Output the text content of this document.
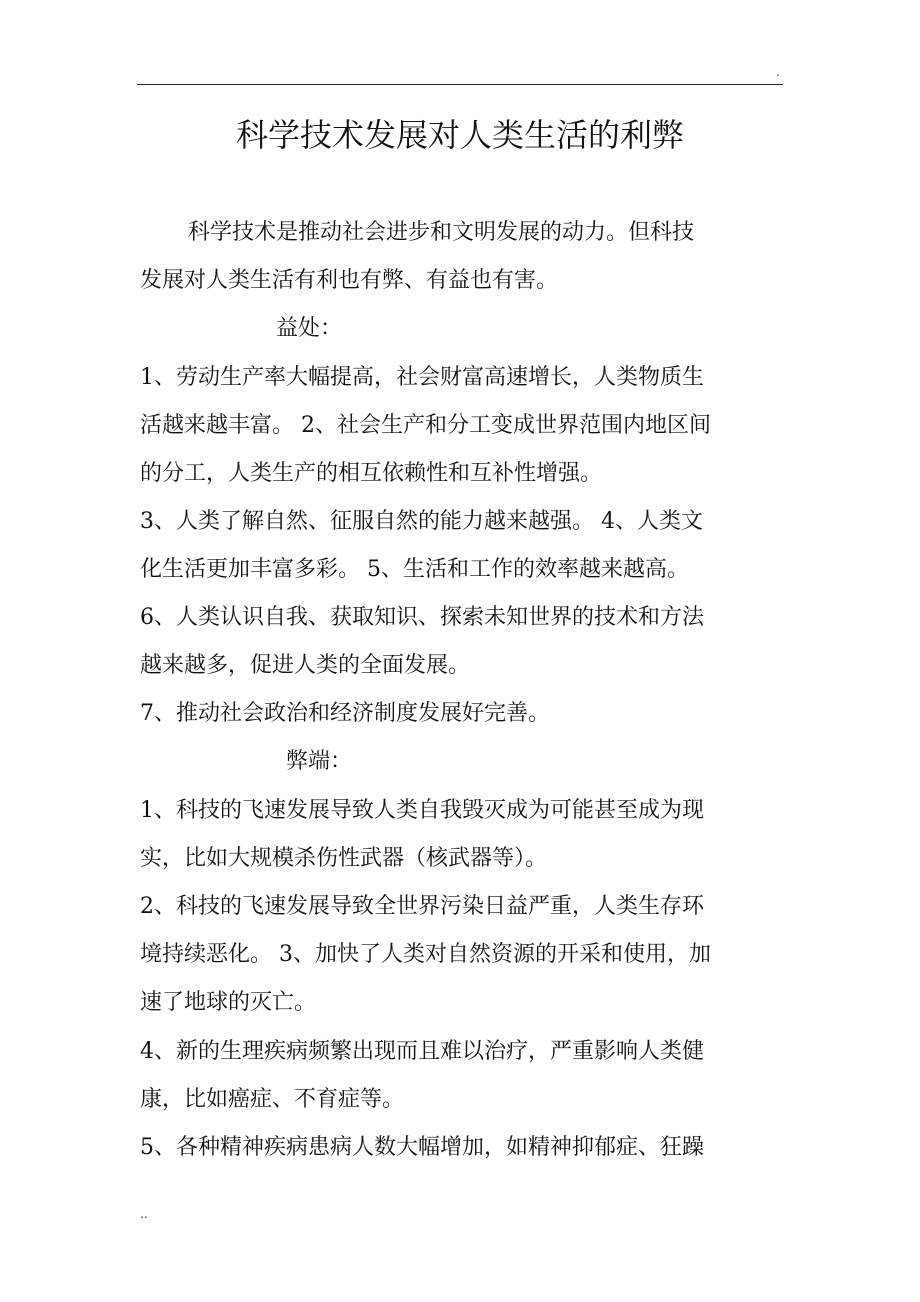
.
科学技术发展对人类生活的利弊
科学技术是推动社会进步和文明发展的动力。但科技
发展对人类生活有利也有弊、有益也有害。
益处：
1、劳动生产率大幅提高，社会财富高速增长，人类物质生
活越来越丰富。 2、社会生产和分工变成世界范围内地区间
的分工，人类生产的相互依赖性和互补性增强。
3、人类了解自然、征服自然的能力越来越强。 4、人类文
化生活更加丰富多彩。 5、生活和工作的效率越来越高。
6、人类认识自我、获取知识、探索未知世界的技术和方法
越来越多，促进人类的全面发展。
7、推动社会政治和经济制度发展好完善。
弊端：
1、科技的飞速发展导致人类自我毁灭成为可能甚至成为现
实，比如大规模杀伤性武器（核武器等）。
2、科技的飞速发展导致全世界污染日益严重，人类生存环
境持续恶化。 3、加快了人类对自然资源的开采和使用，加
速了地球的灭亡。
4、新的生理疾病频繁出现而且难以治疗，严重影响人类健
康，比如癌症、不育症等。
5、各种精神疾病患病人数大幅增加，如精神抑郁症、狂躁
..
